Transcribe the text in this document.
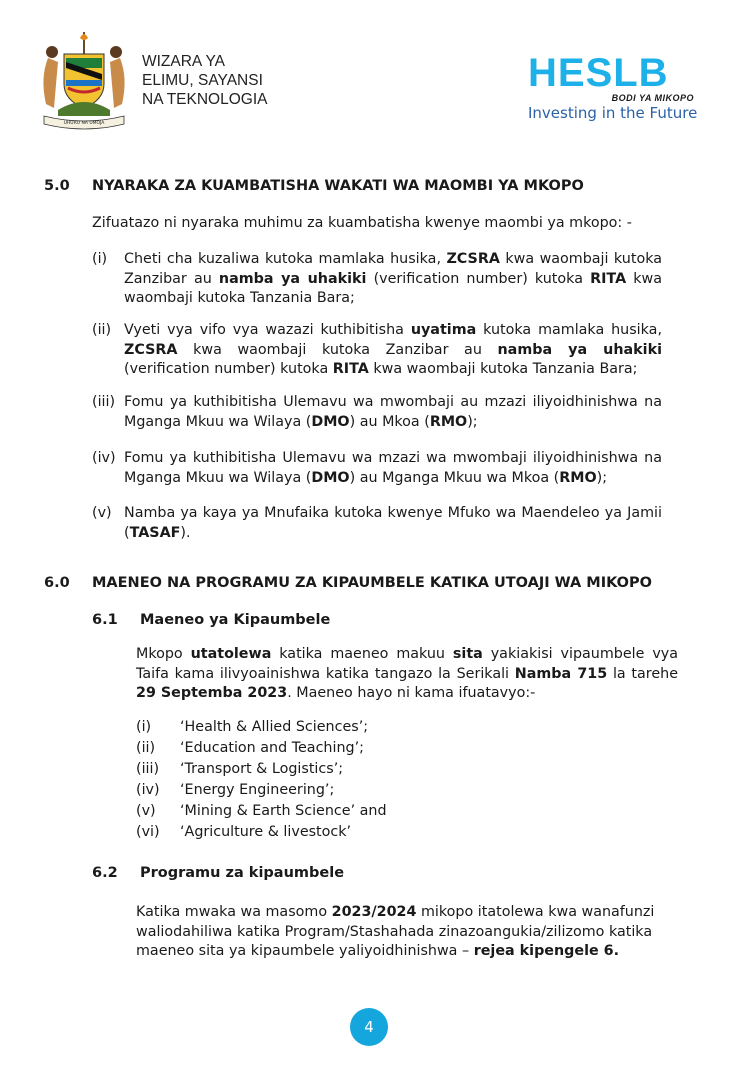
UHURU NA UMOJA
WIZARA YA
ELIMU, SAYANSI
NA TEKNOLOGIA
HESLB
BODI YA MIKOPO
Investing in the Future
5.0 NYARAKA ZA KUAMBATISHA WAKATI WA MAOMBI YA MKOPO
Zifuatazo ni nyaraka muhimu za kuambatisha kwenye maombi ya mkopo: -
(i) Cheti cha kuzaliwa kutoka mamlaka husika, ZCSRA kwa waombaji kutoka Zanzibar au namba ya uhakiki (verification number) kutoka RITA kwa waombaji kutoka Tanzania Bara;
(ii) Vyeti vya vifo vya wazazi kuthibitisha uyatima kutoka mamlaka husika, ZCSRA kwa waombaji kutoka Zanzibar au namba ya uhakiki (verification number) kutoka RITA kwa waombaji kutoka Tanzania Bara;
(iii) Fomu ya kuthibitisha Ulemavu wa mwombaji au mzazi iliyoidhinishwa na Mganga Mkuu wa Wilaya (DMO) au Mkoa (RMO);
(iv) Fomu ya kuthibitisha Ulemavu wa mzazi wa mwombaji iliyoidhinishwa na Mganga Mkuu wa Wilaya (DMO) au Mganga Mkuu wa Mkoa (RMO);
(v) Namba ya kaya ya Mnufaika kutoka kwenye Mfuko wa Maendeleo ya Jamii (TASAF).
6.0 MAENEO NA PROGRAMU ZA KIPAUMBELE KATIKA UTOAJI WA MIKOPO
6.1 Maeneo ya Kipaumbele
Mkopo utatolewa katika maeneo makuu sita yakiakisi vipaumbele vya Taifa kama ilivyoainishwa katika tangazo la Serikali Namba 715 la tarehe 29 Septemba 2023. Maeneo hayo ni kama ifuatavyo:-
(i) ‘Health & Allied Sciences’;
(ii) ‘Education and Teaching’;
(iii) ‘Transport & Logistics’;
(iv) ‘Energy Engineering’;
(v) ‘Mining & Earth Science’ and
(vi) ‘Agriculture & livestock’
6.2 Programu za kipaumbele
Katika mwaka wa masomo 2023/2024 mikopo itatolewa kwa wanafunzi waliodahiliwa katika Program/Stashahada zinazoangukia/zilizomo katika maeneo sita ya kipaumbele yaliyoidhinishwa – rejea kipengele 6.
4
